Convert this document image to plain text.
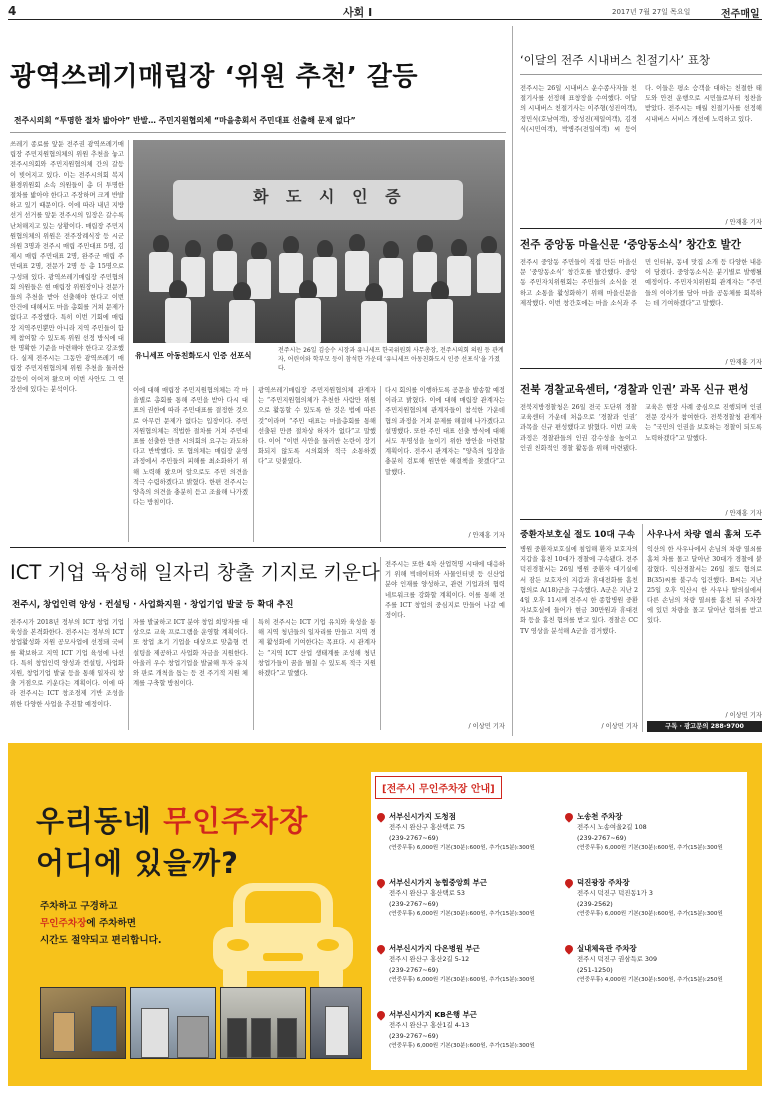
4	사회 I	2017년 7월 27일 목요일	전주매일
광역쓰레기매립장 ‘위원 추천’ 갈등
전주시의회 “투명한 절차 밟아야” 반발… 주민지원협의체 “마을총회서 주민대표 선출해 문제 없다”
쓰레기 종료를 앞둔 전주권 광역쓰레기매립장 주민지원협의체의 위원 추천을 놓고 전주시의회와 주민지원협의체 간의 갈등이 빚어지고 있다. 이는 전주시의회 복지환경위원회 소속 의원들이 총 더 투명한 절차를 밟아야 한다고 주장하며 크게 반발하고 있기 때문이다. 이에 따라 내년 지방선거 선거를 앞둔 전주시의 입장은 갈수록 난처해지고 있는 상황이다. 매립장 주민지원협의체의 위원은 전주장례식장 등 시군 의원 3명과 전주시 매립 주민대표 5명, 김제시 매립 주민대표 2명, 완주군 매립 주민대표 2명, 전문가 2명 등 총 15명으로 구성돼 있다. 광역쓰레기매립장 주민협의회 의원들은 현 매립장 위원장이나 전문가들의 추천을 받아 선출해야 한다고 이번 안건에 대해서도 마을 총회를 거쳐 문제가 없다고 주장했다. 특히 이번 기회에 매립장 지역주민뿐만 아니라 지역 주민들이 함께 참여할 수 있도록 위원 선정 방식에 대한 명확한 기준을 마련해야 한다고 강조했다. 실제 전주시는 그동안 광역쓰레기 매립장 주민지원협의체 위원 추천을 둘러싼 갈등이 이어져 왔으며 이번 사안도 그 연장선에 있다는 분석이다.
화 도 시 인 증
유니세프 아동친화도시 인증 선포식
전주시는 26일 김승수 시장과 유니세프 한국위원회 사무총장, 전주시의회 의원 등 관계자, 어린이와 학부모 등이 참석한 가운데 ‘유니세프 아동친화도시 인증 선포식’을 가졌다.
이에 대해 매립장 주민지원협의체는 각 마을별로 총회를 통해 주민을 받아 다시 대표의 권한에 따라 주민대표를 결정한 것으로 아무런 문제가 없다는 입장이다. 주민지원협의체는 적법한 절차를 거쳐 주민대표를 선출한 만큼 시의회의 요구는 과도하다고 반박했다. 또 협의체는 매립장 운영 과정에서 주민들의 피해를 최소화하기 위해 노력해 왔으며 앞으로도 주민 의견을 적극 수렴하겠다고 밝혔다. 한편 전주시는 양측의 의견을 충분히 듣고 조율해 나가겠다는 방침이다.
광역쓰레기매립장 주민지원협의체 관계자는 “주민지원협의체가 추천한 사람만 위원으로 활동할 수 있도록 한 것은 법에 따른 것”이라며 “주민 대표는 마을총회를 통해 선출된 만큼 절차상 하자가 없다”고 말했다. 이어 “이번 사안을 둘러싼 논란이 장기화되지 않도록 시의회와 적극 소통하겠다”고 덧붙였다.
다시 회의를 이행하도록 공문을 발송할 예정이라고 밝혔다. 이에 대해 매립장 관계자는 주민지원협의체 관계자들이 참석한 가운데 협의 과정을 거쳐 문제를 해결해 나가겠다고 설명했다. 또한 주민 대표 선출 방식에 대해서도 투명성을 높이기 위한 방안을 마련할 계획이다. 전주시 관계자는 “양측의 입장을 충분히 검토해 원만한 해결책을 찾겠다”고 말했다.
/ 안재홍 기자
ICT 기업 육성해 일자리 창출 기지로 키운다
전주시, 창업인력 양성 · 컨설팅 · 사업화지원 · 창업기업 발굴 등 확대 추진
전주시가 2018년 정부의 ICT 창업 기업 육성을 본격화한다. 전주시는 정부의 ICT 창업활성화 지원 공모사업에 선정돼 국비를 확보하고 지역 ICT 기업 육성에 나선다. 특히 창업인력 양성과 컨설팅, 사업화 지원, 창업기업 발굴 등을 통해 일자리 창출 거점으로 키운다는 계획이다. 이에 따라 전주시는 ICT 창조경제 기반 조성을 위한 다양한 사업을 추진할 예정이다.
자를 발굴하고 ICT 분야 창업 희망자를 대상으로 교육 프로그램을 운영할 계획이다. 또 창업 초기 기업을 대상으로 맞춤형 컨설팅을 제공하고 사업화 자금을 지원한다. 아울러 우수 창업기업을 발굴해 투자 유치와 판로 개척을 돕는 등 전 주기적 지원 체계를 구축할 방침이다.
특히 전주시는 ICT 기업 유치와 육성을 통해 지역 청년들의 일자리를 만들고 지역 경제 활성화에 기여한다는 목표다. 시 관계자는 “지역 ICT 산업 생태계를 조성해 청년 창업가들이 꿈을 펼칠 수 있도록 적극 지원하겠다”고 말했다.
전주시는 또한 4차 산업혁명 시대에 대응하기 위해 빅데이터와 사물인터넷 등 신산업 분야 인재를 양성하고, 관련 기업과의 협력 네트워크를 강화할 계획이다. 이를 통해 전주를 ICT 창업의 중심지로 만들어 나갈 예정이다.
/ 이상민 기자
‘이달의 전주 시내버스 친절기사’ 표창
전주시는 26일 시내버스 운수종사자들 친절기사를 선정해 표창장을 수여했다. 이달의 시내버스 친절기사는 이주형(성진여객), 정민식(호남여객), 장성진(제일여객), 김경식(시민여객), 박병주(전일여객) 씨 등이다. 이들은 평소 승객을 대하는 친절한 태도와 안전 운행으로 시민들로부터 칭찬을 받았다. 전주시는 매월 친절기사를 선정해 시내버스 서비스 개선에 노력하고 있다.
/ 안재홍 기자
전주 중앙동 마을신문 ‘중앙동소식’ 창간호 발간
전주시 중앙동 주민들이 직접 만든 마을신문 ‘중앙동소식’ 창간호를 발간했다. 중앙동 주민자치위원회는 주민들의 소식을 전하고 소통을 활성화하기 위해 마을신문을 제작했다. 이번 창간호에는 마을 소식과 주민 인터뷰, 동네 맛집 소개 등 다양한 내용이 담겼다. 중앙동소식은 분기별로 발행될 예정이다. 주민자치위원회 관계자는 “주민들의 이야기를 담아 마을 공동체를 회복하는 데 기여하겠다”고 말했다.
/ 안재홍 기자
전북 경찰교육센터, ‘경찰과 인권’ 과목 신규 편성
전북지방경찰청은 26일 전국 도단위 경찰 교육센터 가운데 처음으로 ‘경찰과 인권’ 과목을 신규 편성했다고 밝혔다. 이번 교육과정은 경찰관들의 인권 감수성을 높이고 인권 친화적인 경찰 활동을 위해 마련됐다. 교육은 현장 사례 중심으로 진행되며 인권 전문 강사가 참여한다. 전북경찰청 관계자는 “국민의 인권을 보호하는 경찰이 되도록 노력하겠다”고 말했다.
/ 안재홍 기자
중환자보호실 절도 10대 구속
병원 중환자보호실에 침입해 환자 보호자의 지갑을 훔친 10대가 경찰에 구속됐다. 전주덕진경찰서는 26일 병원 중환자 대기실에서 잠든 보호자의 지갑과 휴대전화를 훔친 혐의로 A(18)군을 구속했다. A군은 지난 24일 오후 11시께 전주시 한 종합병원 중환자보호실에 들어가 현금 30만원과 휴대전화 등을 훔친 혐의를 받고 있다. 경찰은 CCTV 영상을 분석해 A군을 검거했다.
/ 이상민 기자
사우나서 차량 열쇠 훔쳐 도주
익산의 한 사우나에서 손님의 차량 열쇠를 훔쳐 차를 몰고 달아난 30대가 경찰에 붙잡혔다. 익산경찰서는 26일 절도 혐의로 B(35)씨를 불구속 입건했다. B씨는 지난 25일 오후 익산시 한 사우나 탈의실에서 다른 손님의 차량 열쇠를 훔친 뒤 주차장에 있던 차량을 몰고 달아난 혐의를 받고 있다.
/ 이상민 기자
구독 · 광고문의 288-9700
우리동네 무인주차장
어디에 있을까?
주차하고 구경하고
무인주차장에 주차하면
시간도 절약되고 편리합니다.
[전주시 무인주차장 안내]
서부신시가지 도청점
전주시 완산구 홍산택로 75
(239-2767~69)
(연중무휴) 6,000원 기본(30분):600원, 추가(15분):300원
서부신시가지 농협중앙회 부근
전주시 완산구 홍산택로 53
(239-2767~69)
(연중무휴) 6,000원 기본(30분):600원, 추가(15분):300원
서부신시가지 다온병원 부근
전주시 완산구 홍산2길 5-12
(239-2767~69)
(연중무휴) 6,000원 기본(30분):600원, 추가(15분):300원
서부신시가지 KB은행 부근
전주시 완산구 홍산1길 4-13
(239-2767~69)
(연중무휴) 6,000원 기본(30분):600원, 추가(15분):300원
노송천 주차장
전주시 노송여울2길 108
(239-2767~69)
(연중무휴) 6,000원 기본(30분):600원, 추가(15분):300원
덕진광장 주차장
전주시 덕진구 덕진동1가 3
(239-2562)
(연중무휴) 6,000원 기본(30분):600원, 추가(15분):300원
실내체육관 주차장
전주시 덕진구 권삼득로 309
(251-1250)
(연중무휴) 4,000원 기본(30분):500원, 추가(15분):250원
